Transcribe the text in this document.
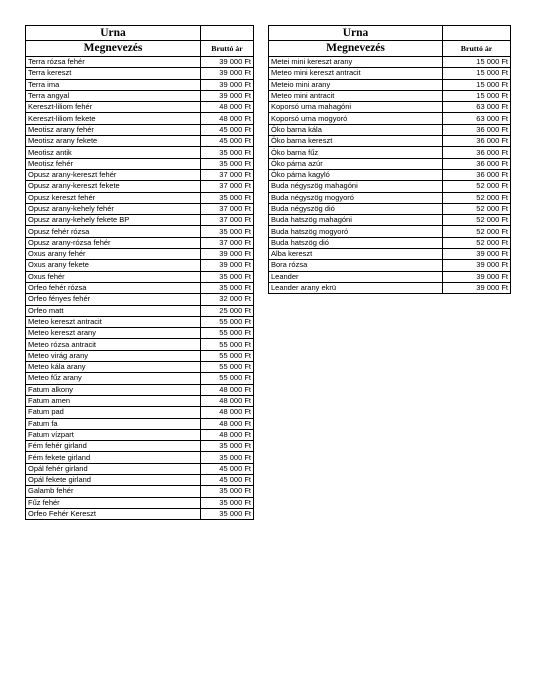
Urna	
Megnevezés	Bruttó ár
Terra rózsa fehér	39 000 Ft
Terra kereszt	39 000 Ft
Terra ima	39 000 Ft
Terra angyal	39 000 Ft
Kereszt-liliom fehér	48 000 Ft
Kereszt-liliom fekete	48 000 Ft
Meotisz arany fehér	45 000 Ft
Meotisz arany fekete	45 000 Ft
Meotisz antik	35 000 Ft
Meotisz fehér	35 000 Ft
Opusz arany-kereszt fehér	37 000 Ft
Opusz arany-kereszt fekete	37 000 Ft
Opusz kereszt fehér	35 000 Ft
Opusz arany-kehely fehér	37 000 Ft
Opusz arany-kehely fekete BP	37 000 Ft
Opusz fehér rózsa	35 000 Ft
Opusz arany-rózsa fehér	37 000 Ft
Oxus arany fehér	39 000 Ft
Oxus arany fekete	39 000 Ft
Oxus fehér	35 000 Ft
Orfeo fehér rózsa	35 000 Ft
Orfeo fényes fehér	32 000 Ft
Orfeo matt	25 000 Ft
Meteo kereszt antracit	55 000 Ft
Meteo kereszt arany	55 000 Ft
Meteo rózsa antracit	55 000 Ft
Meteo virág arany	55 000 Ft
Meteo kála arany	55 000 Ft
Meteo fűz arany	55 000 Ft
Fatum alkony	48 000 Ft
Fatum amen	48 000 Ft
Fatum pad	48 000 Ft
Fatum fa	48 000 Ft
Fatum vízpart	48 000 Ft
Fém fehér girland	35 000 Ft
Fém fekete girland	35 000 Ft
Opál fehér girland	45 000 Ft
Opál fekete girland	45 000 Ft
Galamb fehér	35 000 Ft
Fűz fehér	35 000 Ft
Orfeo Fehér Kereszt	35 000 Ft
Urna	
Megnevezés	Bruttó ár
Metei mini kereszt arany	15 000 Ft
Meteo mini kereszt antracit	15 000 Ft
Meteio mini arany	15 000 Ft
Meteo mini antracit	15 000 Ft
Koporsó urna mahagóni	63 000 Ft
Koporsó urna mogyoró	63 000 Ft
Öko barna kála	36 000 Ft
Öko barna kereszt	36 000 Ft
Öko barna fűz	36 000 Ft
Öko párna azúr	36 000 Ft
Öko párna kagyló	36 000 Ft
Buda négyszög mahagóni	52 000 Ft
Buda négyszög mogyoró	52 000 Ft
Buda négyszög dió	52 000 Ft
Buda hatszög mahagóni	52 000 Ft
Buda hatszög mogyoró	52 000 Ft
Buda hatszög dió	52 000 Ft
Alba kereszt	39 000 Ft
Bora rózsa	39 000 Ft
Leander	39 000 Ft
Leander arany ekrü	39 000 Ft
